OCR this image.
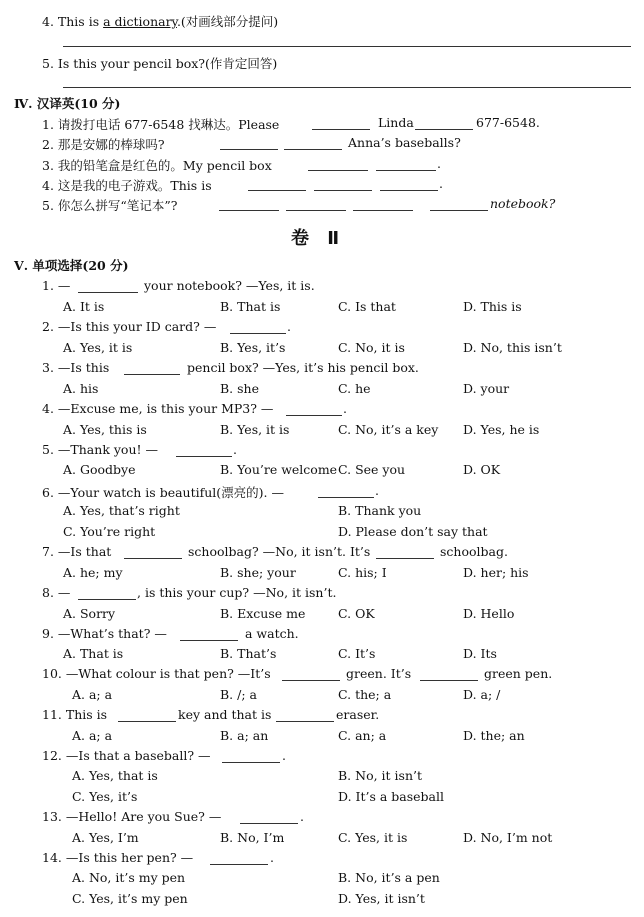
4. This is a dictionary.(对画线部分提问)
5. Is this your pencil box?(作肯定回答)
Ⅳ. 汉译英(10 分)
1. 请拨打电话 677-6548 找琳达。Please	Linda	677-6548.
2. 那是安娜的棒球吗?	Anna’s baseballs?
3. 我的铅笔盒是红色的。My pencil box	.
4. 这是我的电子游戏。This is	.
5. 你怎么拼写“笔记本”?	notebook?
卷 Ⅱ
Ⅴ. 单项选择(20 分)
1. —	your notebook? —Yes, it is.
A. It is	B. That is	C. Is that	D. This is
2. —Is this your ID card? —	.
A. Yes, it is	B. Yes, it’s	C. No, it is	D. No, this isn’t
3. —Is this	pencil box? —Yes, it’s his pencil box.
A. his	B. she	C. he	D. your
4. —Excuse me, is this your MP3? —	.
A. Yes, this is	B. Yes, it is	C. No, it’s a key D. Yes, he is
5. —Thank you! —	.
A. Goodbye	B. You’re welcome C. See you	D. OK
6. —Your watch is beautiful(漂亮的). —	.
A. Yes, that’s right	B. Thank you
C. You’re right	D. Please don’t say that
7. —Is that	schoolbag? —No, it isn’t. It’s	schoolbag.
A. he; my	B. she; your	C. his; I	D. her; his
8. —	, is this your cup? —No, it isn’t.
A. Sorry	B. Excuse me	C. OK	D. Hello
9. —What’s that? —	a watch.
A. That is	B. That’s	C. It’s	D. Its
10. —What colour is that pen? —It’s	green. It’s	green pen.
A. a; a	B. /; a	C. the; a	D. a; /
11. This is	key and that is	eraser.
A. a; a	B. a; an	C. an; a	D. the; an
12. —Is that a baseball? —	.
A. Yes, that is	B. No, it isn’t
C. Yes, it’s	D. It’s a baseball
13. —Hello! Are you Sue? —	.
A. Yes, I’m	B. No, I’m	C. Yes, it is	D. No, I’m not
14. —Is this her pen? —	.
A. No, it’s my pen	B. No, it’s a pen
C. Yes, it’s my pen	D. Yes, it isn’t
